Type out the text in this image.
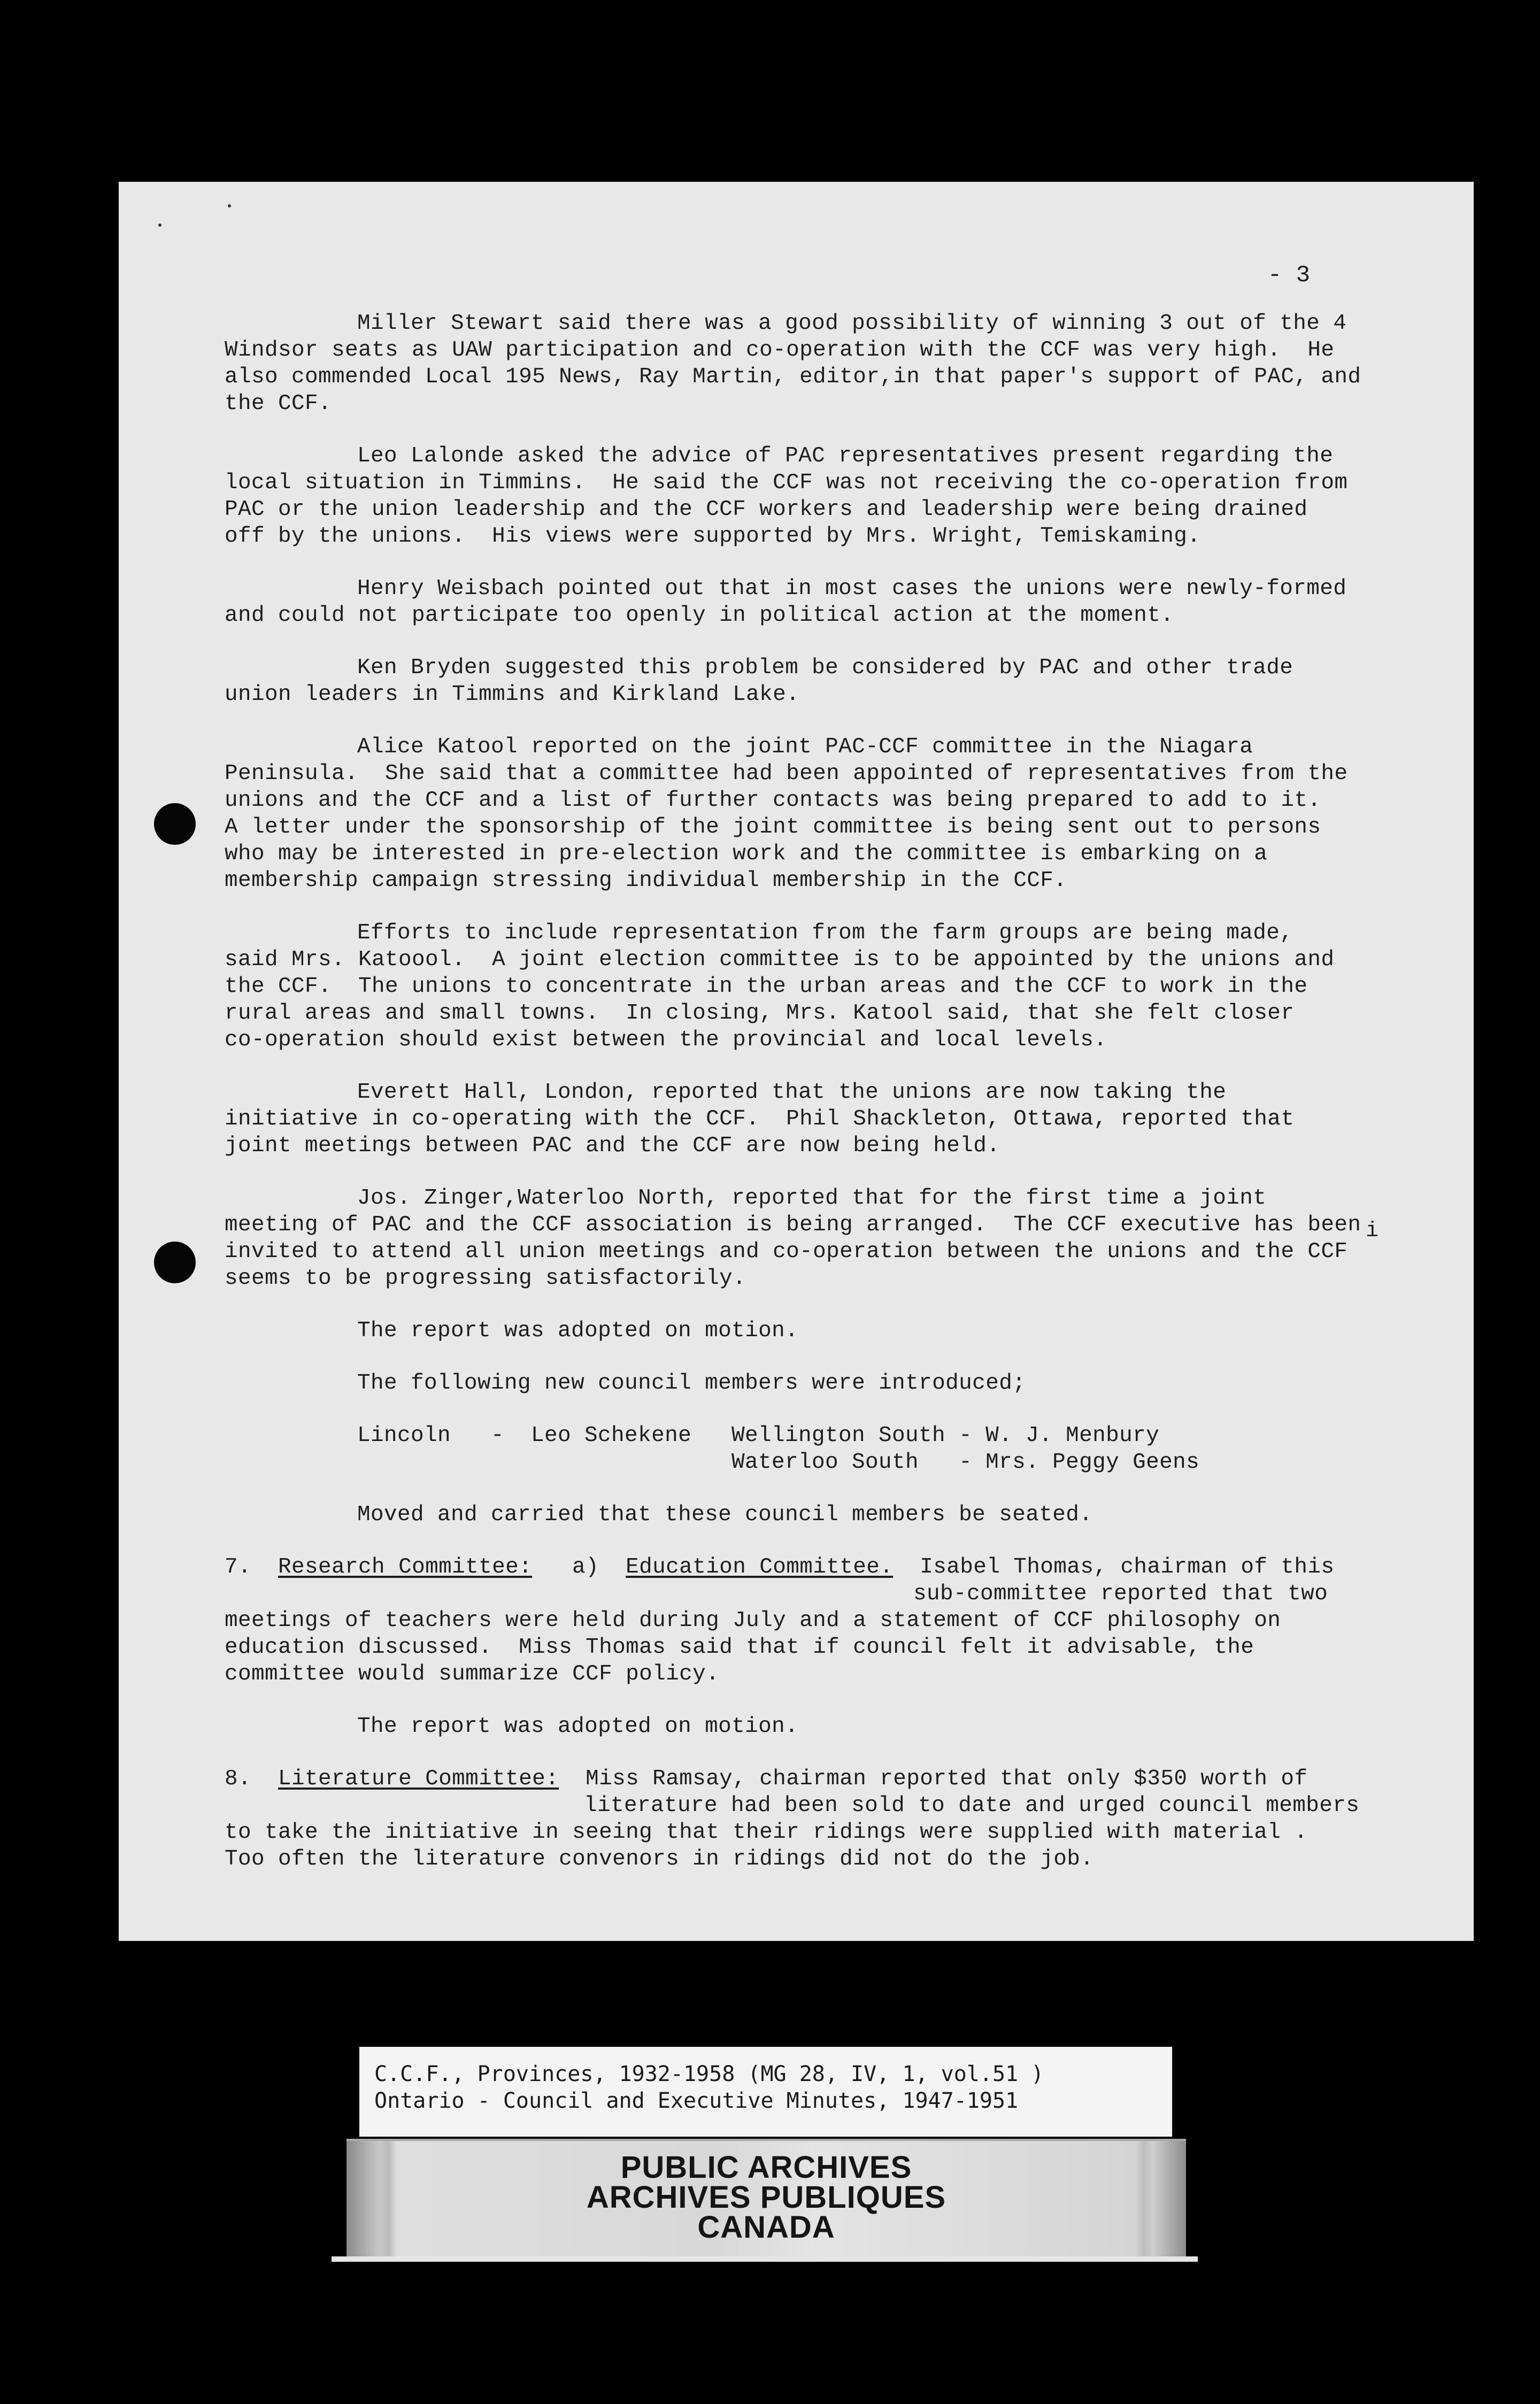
- 3
i
Miller Stewart said there was a good possibility of winning 3 out of the 4
Windsor seats as UAW participation and co-operation with the CCF was very high.  He
also commended Local 195 News, Ray Martin, editor,in that paper's support of PAC, and
the CCF.
Leo Lalonde asked the advice of PAC representatives present regarding the
local situation in Timmins.  He said the CCF was not receiving the co-operation from
PAC or the union leadership and the CCF workers and leadership were being drained
off by the unions.  His views were supported by Mrs. Wright, Temiskaming.
Henry Weisbach pointed out that in most cases the unions were newly-formed
and could not participate too openly in political action at the moment.
Ken Bryden suggested this problem be considered by PAC and other trade
union leaders in Timmins and Kirkland Lake.
Alice Katool reported on the joint PAC-CCF committee in the Niagara
Peninsula.  She said that a committee had been appointed of representatives from the
unions and the CCF and a list of further contacts was being prepared to add to it.
A letter under the sponsorship of the joint committee is being sent out to persons
who may be interested in pre-election work and the committee is embarking on a
membership campaign stressing individual membership in the CCF.
Efforts to include representation from the farm groups are being made,
said Mrs. Katoool.  A joint election committee is to be appointed by the unions and
the CCF.  The unions to concentrate in the urban areas and the CCF to work in the
rural areas and small towns.  In closing, Mrs. Katool said, that she felt closer
co-operation should exist between the provincial and local levels.
Everett Hall, London, reported that the unions are now taking the
initiative in co-operating with the CCF.  Phil Shackleton, Ottawa, reported that
joint meetings between PAC and the CCF are now being held.
Jos. Zinger,Waterloo North, reported that for the first time a joint
meeting of PAC and the CCF association is being arranged.  The CCF executive has been
invited to attend all union meetings and co-operation between the unions and the CCF
seems to be progressing satisfactorily.
The report was adopted on motion.
The following new council members were introduced;
Lincoln	- Leo Schekene	Wellington South - W. J. Menbury
Waterloo South - Mrs. Peggy Geens
Moved and carried that these council members be seated.
7. Research Committee: a) Education Committee. Isabel Thomas, chairman of this
sub-committee reported that two
meetings of teachers were held during July and a statement of CCF philosophy on
education discussed.  Miss Thomas said that if council felt it advisable, the
committee would summarize CCF policy.
The report was adopted on motion.
8. Literature Committee: Miss Ramsay, chairman reported that only $350 worth of
literature had been sold to date and urged council members
to take the initiative in seeing that their ridings were supplied with material .
Too often the literature convenors in ridings did not do the job.
C.C.F., Provinces, 1932-1958 (MG 28, IV, 1, vol.51 )
Ontario - Council and Executive Minutes, 1947-1951
PUBLIC ARCHIVES
ARCHIVES PUBLIQUES
CANADA
